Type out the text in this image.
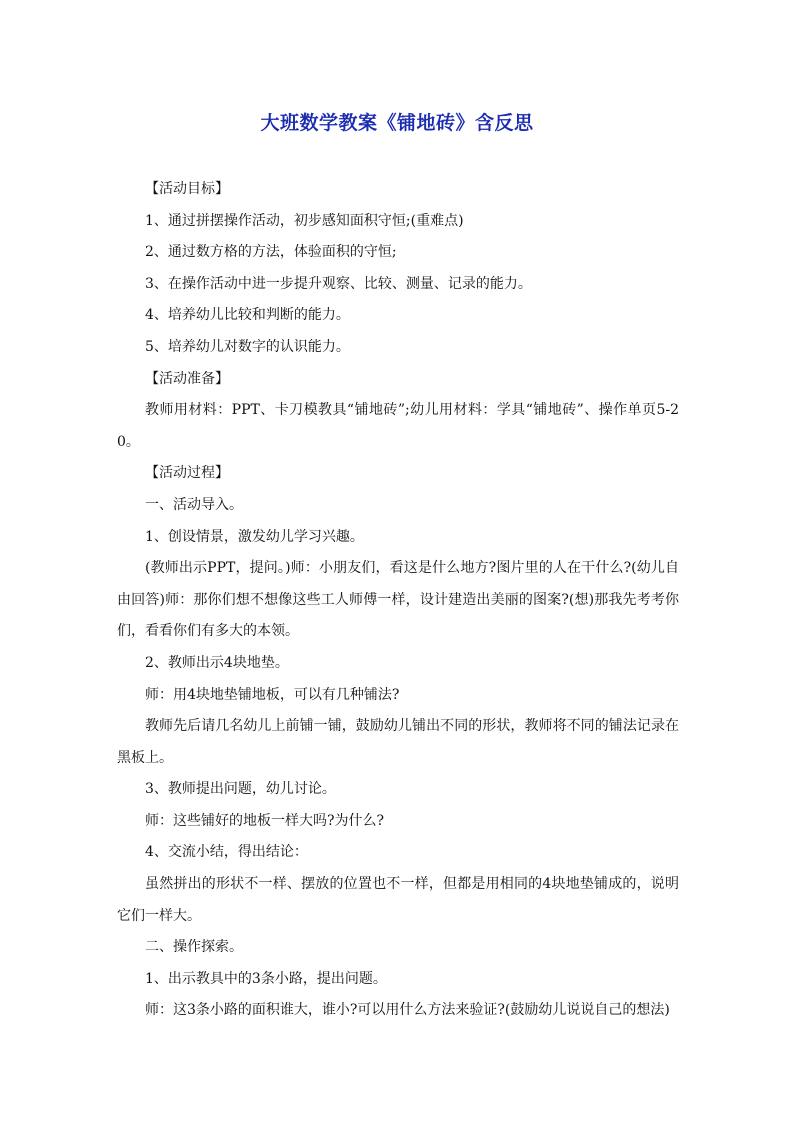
大班数学教案《铺地砖》含反思

【活动目标】

1、通过拼摆操作活动，初步感知面积守恒;(重难点)

2、通过数方格的方法，体验面积的守恒;

3、在操作活动中进一步提升观察、比较、测量、记录的能力。

4、培养幼儿比较和判断的能力。

5、培养幼儿对数字的认识能力。

【活动准备】

教师用材料：PPT、卡刀模教具“铺地砖”;幼儿用材料：学具“铺地砖”、操作单页5-20。

【活动过程】

一、活动导入。

1、创设情景，激发幼儿学习兴趣。

(教师出示PPT，提问。)师：小朋友们，看这是什么地方?图片里的人在干什么?(幼儿自由回答)师：那你们想不想像这些工人师傅一样，设计建造出美丽的图案?(想)那我先考考你们，看看你们有多大的本领。

2、教师出示4块地垫。

师：用4块地垫铺地板，可以有几种铺法?

教师先后请几名幼儿上前铺一铺，鼓励幼儿铺出不同的形状，教师将不同的铺法记录在黑板上。

3、教师提出问题，幼儿讨论。

师：这些铺好的地板一样大吗?为什么?

4、交流小结，得出结论：

虽然拼出的形状不一样、摆放的位置也不一样，但都是用相同的4块地垫铺成的，说明它们一样大。

二、操作探索。

1、出示教具中的3条小路，提出问题。

师：这3条小路的面积谁大，谁小?可以用什么方法来验证?(鼓励幼儿说说自己的想法)
